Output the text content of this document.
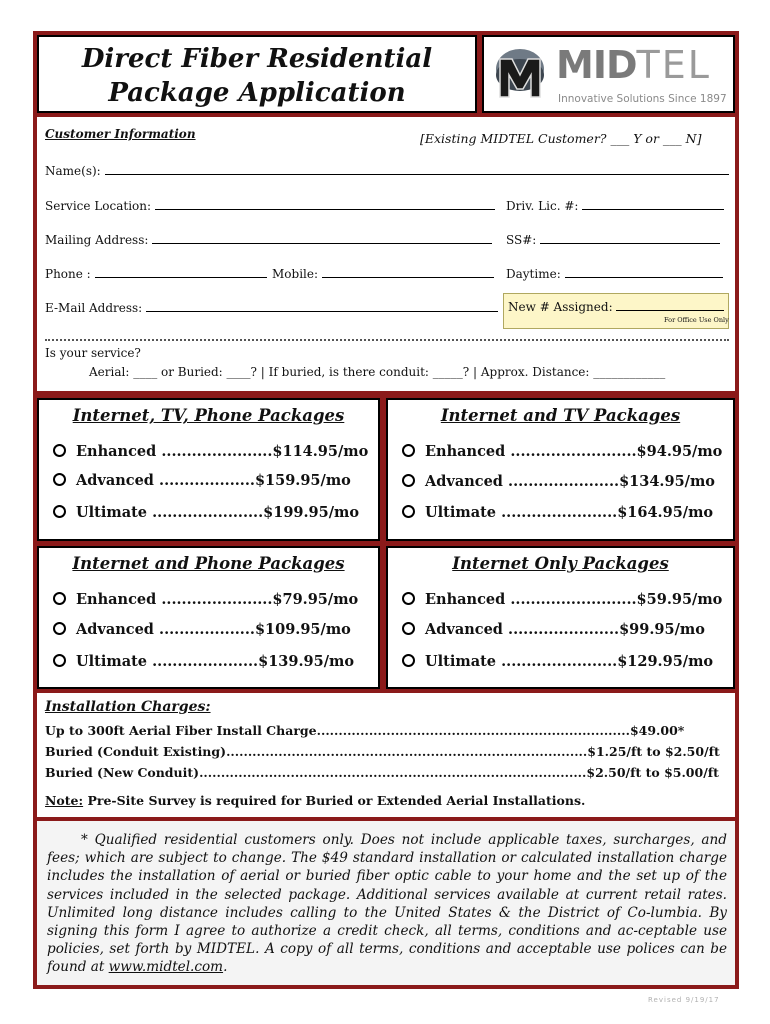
Direct Fiber Residential
Package Application
MIDTEL
Innovative Solutions Since 1897
Customer Information	[Existing MIDTEL Customer? ___ Y or ___ N]
Name(s):
Service Location:	Driv. Lic. #:
Mailing Address:	SS#:
Phone :	Mobile:	Daytime:
E-Mail Address:	New # Assigned:
For Office Use Only
Is your service?
Aerial: ____ or Buried: ____? | If buried, is there conduit: _____? | Approx. Distance: ____________
Internet, TV, Phone Packages
Enhanced ......................$114.95/mo
Advanced ...................$159.95/mo
Ultimate ......................$199.95/mo
Internet and TV Packages
Enhanced .........................$94.95/mo
Advanced ......................$134.95/mo
Ultimate .......................$164.95/mo
Internet and Phone Packages
Enhanced ......................$79.95/mo
Advanced ...................$109.95/mo
Ultimate .....................$139.95/mo
Internet Only Packages
Enhanced .........................$59.95/mo
Advanced ......................$99.95/mo
Ultimate .......................$129.95/mo
Installation Charges:
Up to 300ft Aerial Fiber Install Charge........................................................................$49.00*
Buried (Conduit Existing)...................................................................................$1.25/ft to $2.50/ft
Buried (New Conduit).........................................................................................$2.50/ft to $5.00/ft
Note: Pre-Site Survey is required for Buried or Extended Aerial Installations.
* Qualified residential customers only. Does not include applicable taxes, surcharges, and fees; which are subject to change. The $49 standard installation or calculated installation charge includes the installation of aerial or buried fiber optic cable to your home and the set up of the services included in the selected package. Additional services available at current retail rates. Unlimited long distance includes calling to the United States & the District of Co-lumbia. By signing this form I agree to authorize a credit check, all terms, conditions and ac-ceptable use policies, set forth by MIDTEL. A copy of all terms, conditions and acceptable use polices can be found at www.midtel.com.
Revised 9/19/17
